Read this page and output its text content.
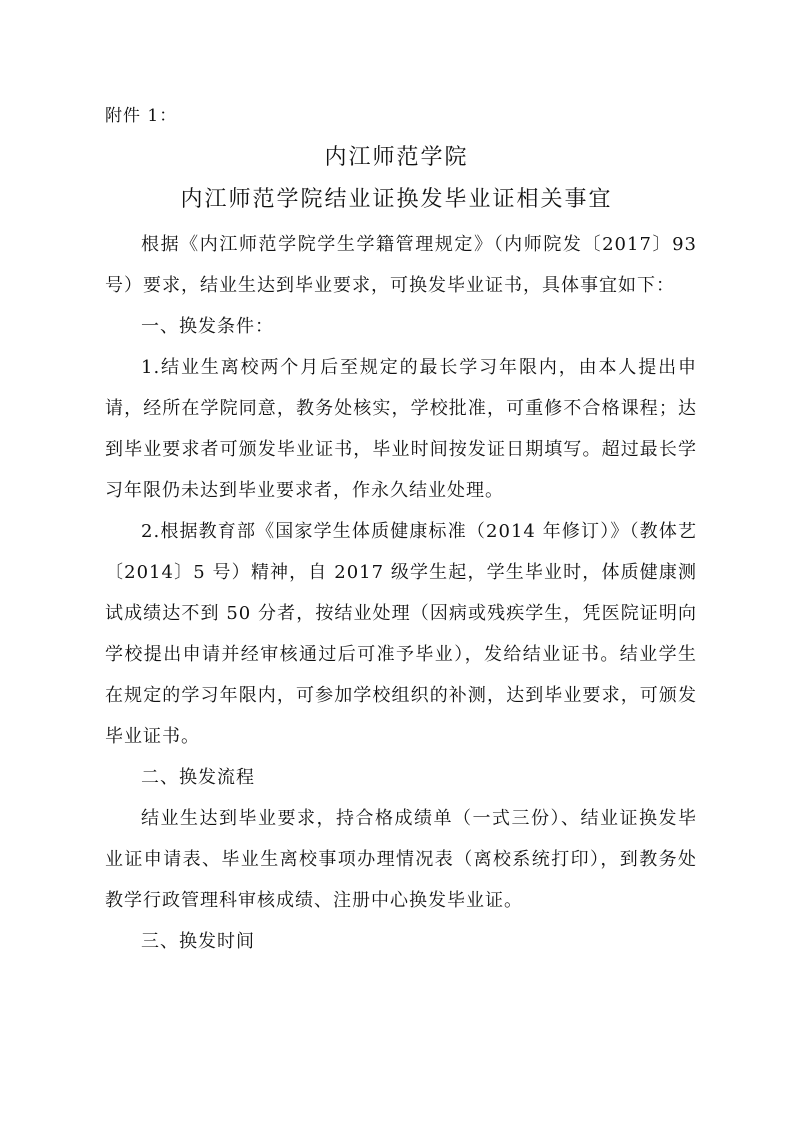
附件 1：
内江师范学院
内江师范学院结业证换发毕业证相关事宜

根据《内江师范学院学生学籍管理规定》（内师院发〔2017〕93 号）要求，结业生达到毕业要求，可换发毕业证书，具体事宜如下：

一、换发条件：

1.结业生离校两个月后至规定的最长学习年限内，由本人提出申请，经所在学院同意，教务处核实，学校批准，可重修不合格课程；达到毕业要求者可颁发毕业证书，毕业时间按发证日期填写。超过最长学习年限仍未达到毕业要求者，作永久结业处理。

2.根据教育部《国家学生体质健康标准（2014 年修订）》（教体艺〔2014〕5 号）精神，自 2017 级学生起，学生毕业时，体质健康测试成绩达不到 50 分者，按结业处理（因病或残疾学生，凭医院证明向学校提出申请并经审核通过后可准予毕业），发给结业证书。结业学生在规定的学习年限内，可参加学校组织的补测，达到毕业要求，可颁发毕业证书。

二、换发流程

结业生达到毕业要求，持合格成绩单（一式三份）、结业证换发毕业证申请表、毕业生离校事项办理情况表（离校系统打印），到教务处教学行政管理科审核成绩、注册中心换发毕业证。

三、换发时间
